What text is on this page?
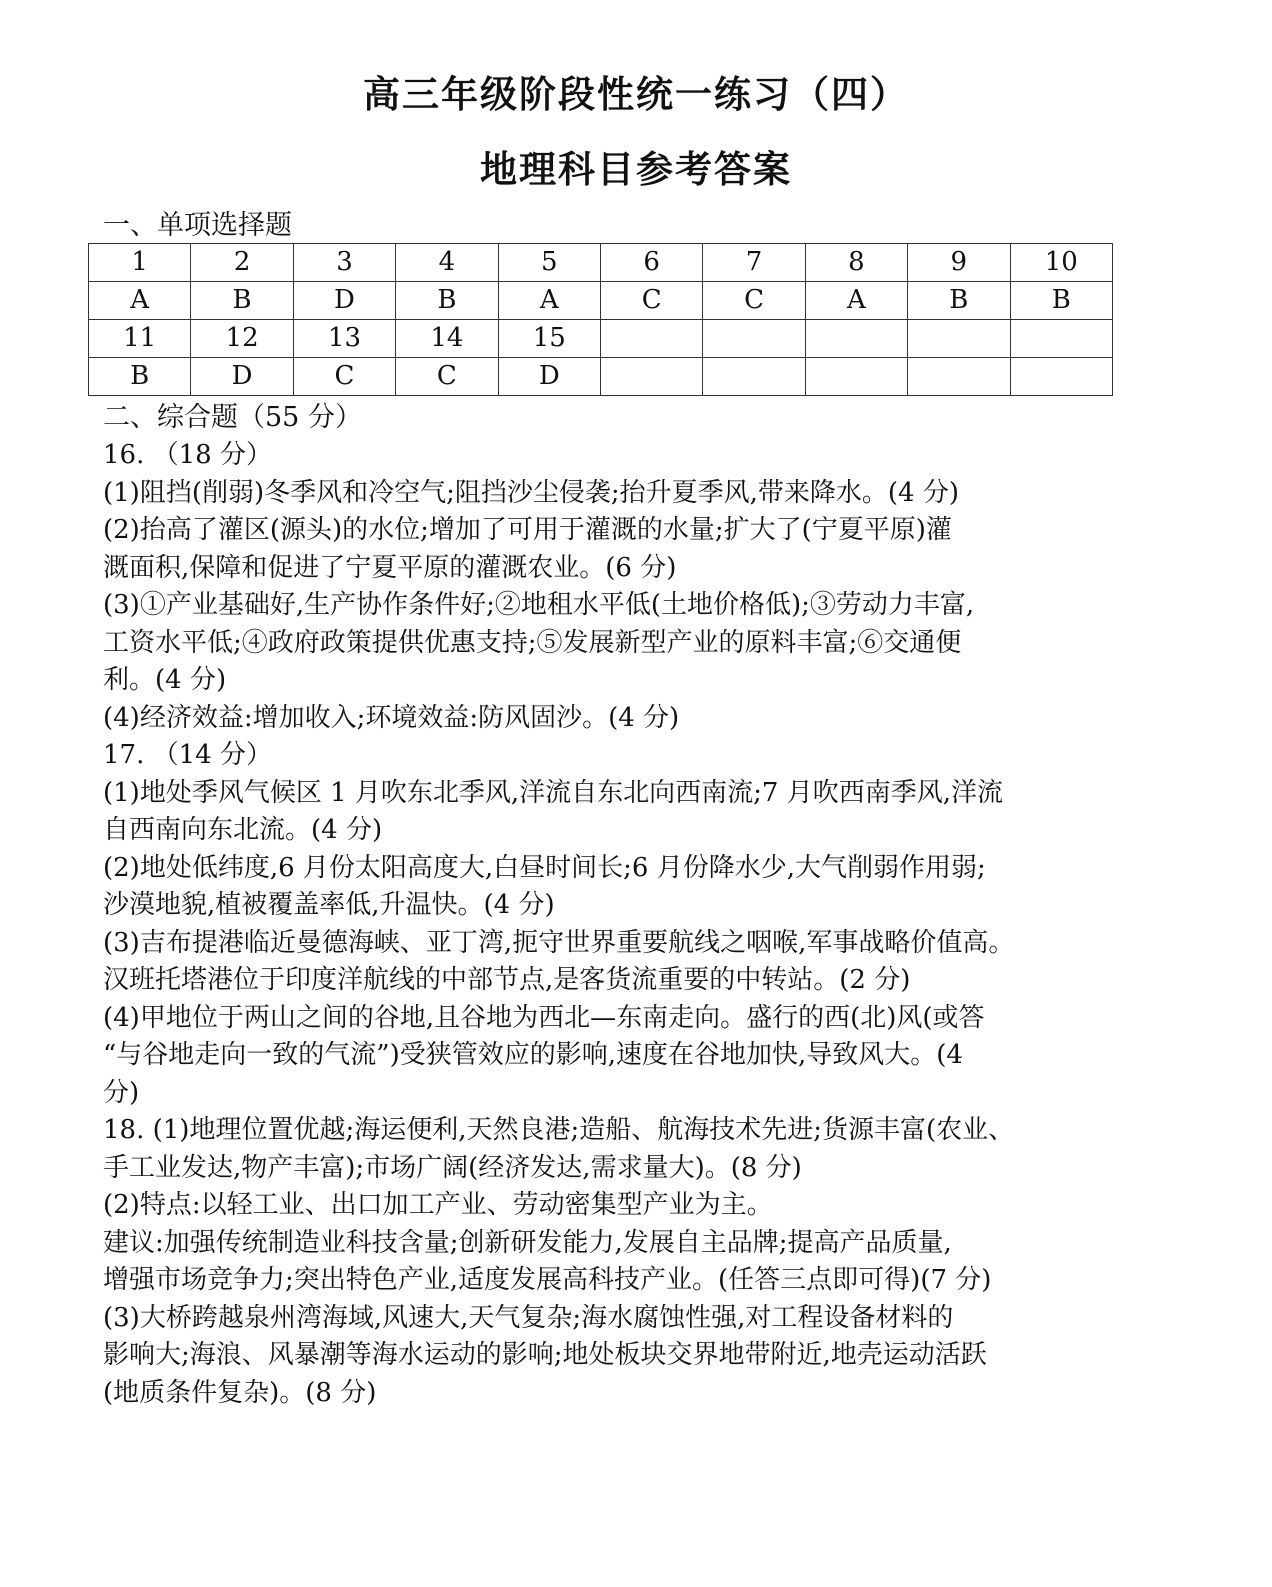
高三年级阶段性统一练习（四）
地理科目参考答案
一、单项选择题
1	2	3	4	5	6	7	8	9	10
A	B	D	B	A	C	C	A	B	B
11	12	13	14	15					
B	D	C	C	D					
二、综合题（55 分）
16. （18 分）
(1)阻挡(削弱)冬季风和冷空气;阻挡沙尘侵袭;抬升夏季风,带来降水。(4 分)
(2)抬高了灌区(源头)的水位;增加了可用于灌溉的水量;扩大了(宁夏平原)灌
溉面积,保障和促进了宁夏平原的灌溉农业。(6 分)
(3)①产业基础好,生产协作条件好;②地租水平低(土地价格低);③劳动力丰富,
工资水平低;④政府政策提供优惠支持;⑤发展新型产业的原料丰富;⑥交通便
利。(4 分)
(4)经济效益:增加收入;环境效益:防风固沙。(4 分)
17. （14 分）
(1)地处季风气候区 1 月吹东北季风,洋流自东北向西南流;7 月吹西南季风,洋流
自西南向东北流。(4 分)
(2)地处低纬度,6 月份太阳高度大,白昼时间长;6 月份降水少,大气削弱作用弱;
沙漠地貌,植被覆盖率低,升温快。(4 分)
(3)吉布提港临近曼德海峡、亚丁湾,扼守世界重要航线之咽喉,军事战略价值高。
汉班托塔港位于印度洋航线的中部节点,是客货流重要的中转站。(2 分)
(4)甲地位于两山之间的谷地,且谷地为西北—东南走向。盛行的西(北)风(或答
“与谷地走向一致的气流”)受狭管效应的影响,速度在谷地加快,导致风大。(4
分)
18. (1)地理位置优越;海运便利,天然良港;造船、航海技术先进;货源丰富(农业、
手工业发达,物产丰富);市场广阔(经济发达,需求量大)。(8 分)
(2)特点:以轻工业、出口加工产业、劳动密集型产业为主。
建议:加强传统制造业科技含量;创新研发能力,发展自主品牌;提高产品质量,
增强市场竞争力;突出特色产业,适度发展高科技产业。(任答三点即可得)(7 分)
(3)大桥跨越泉州湾海域,风速大,天气复杂;海水腐蚀性强,对工程设备材料的
影响大;海浪、风暴潮等海水运动的影响;地处板块交界地带附近,地壳运动活跃
(地质条件复杂)。(8 分)
